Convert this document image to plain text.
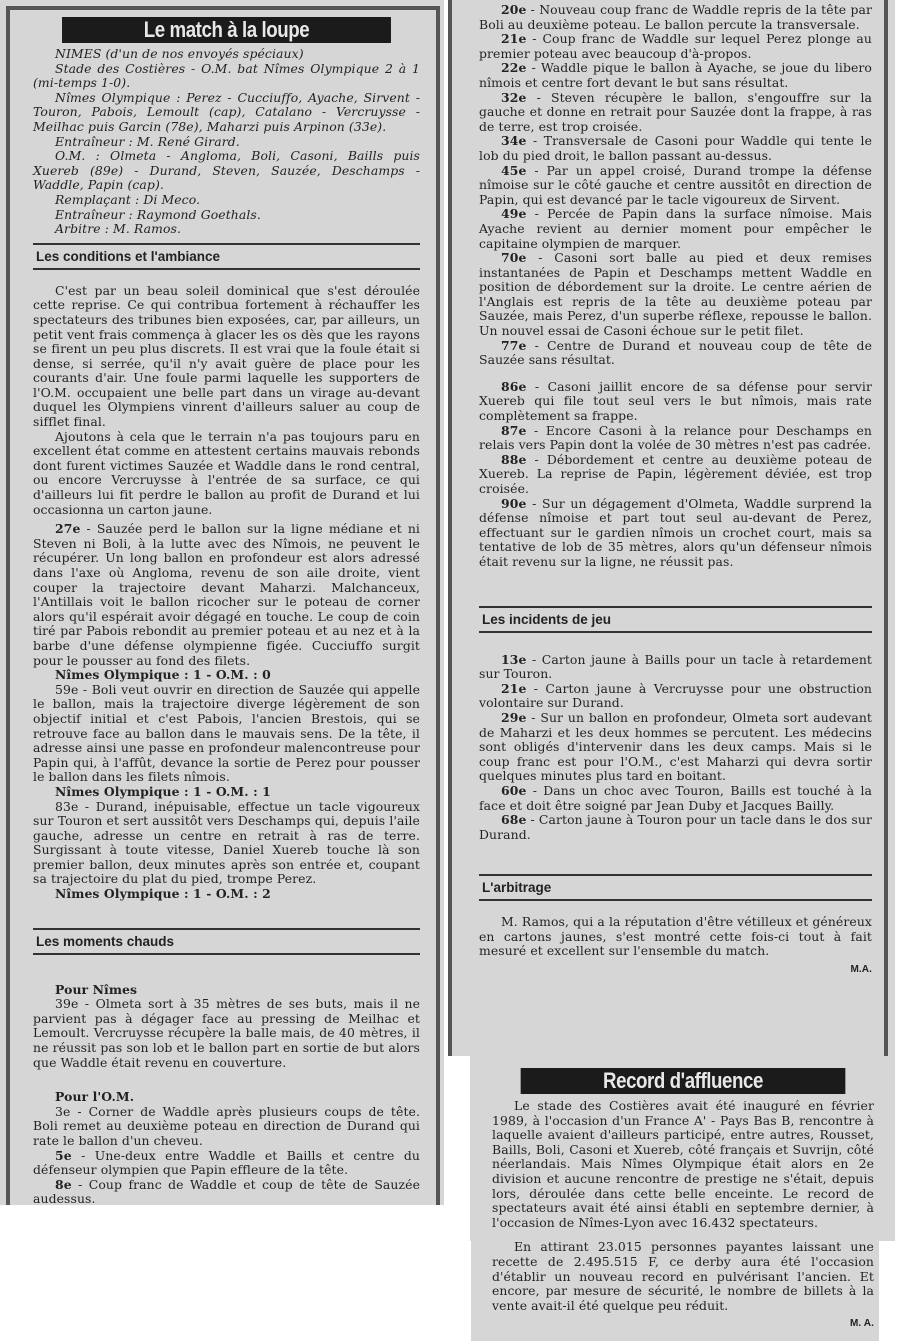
Le match à la loupe

NIMES (d'un de nos envoyés spéciaux)

Stade des Costières - O.M. bat Nîmes Olympique 2 à 1 (mi-temps 1-0).

Nîmes Olympique : Perez - Cucciuffo, Ayache, Sirvent - Touron, Pabois, Lemoult (cap), Catalano - Vercruysse - Meilhac puis Garcin (78e), Maharzi puis Arpinon (33e).

Entraîneur : M. René Girard.

O.M. : Olmeta - Angloma, Boli, Casoni, Baills puis Xuereb (89e) - Durand, Steven, Sauzée, Deschamps - Waddle, Papin (cap).

Remplaçant : Di Meco.

Entraîneur : Raymond Goethals.

Arbitre : M. Ramos.

Les conditions et l'ambiance

C'est par un beau soleil dominical que s'est déroulée cette reprise. Ce qui contribua fortement à réchauffer les spectateurs des tribunes bien exposées, car, par ailleurs, un petit vent frais commença à glacer les os dès que les rayons se firent un peu plus discrets. Il est vrai que la foule était si dense, si serrée, qu'il n'y avait guère de place pour les courants d'air. Une foule parmi laquelle les supporters de l'O.M. occupaient une belle part dans un virage au-devant duquel les Olympiens vinrent d'ailleurs saluer au coup de sifflet final.

Ajoutons à cela que le terrain n'a pas toujours paru en excellent état comme en attestent certains mauvais rebonds dont furent victimes Sauzée et Waddle dans le rond central, ou encore Vercruysse à l'entrée de sa surface, ce qui d'ailleurs lui fit perdre le ballon au profit de Durand et lui occasionna un carton jaune.

27e - Sauzée perd le ballon sur la ligne médiane et ni Steven ni Boli, à la lutte avec des Nîmois, ne peuvent le récupérer. Un long ballon en profondeur est alors adressé dans l'axe où Angloma, revenu de son aile droite, vient couper la trajectoire devant Maharzi. Malchanceux, l'Antillais voit le ballon ricocher sur le poteau de corner alors qu'il espérait avoir dégagé en touche. Le coup de coin tiré par Pabois rebondit au premier poteau et au nez et à la barbe d'une défense olympienne figée. Cucciuffo surgit pour le pousser au fond des filets.

Nîmes Olympique : 1 - O.M. : 0

59e - Boli veut ouvrir en direction de Sauzée qui appelle le ballon, mais la trajectoire diverge légèrement de son objectif initial et c'est Pabois, l'ancien Brestois, qui se retrouve face au ballon dans le mauvais sens. De la tête, il adresse ainsi une passe en profondeur malencontreuse pour Papin qui, à l'affût, devance la sortie de Perez pour pousser le ballon dans les filets nîmois.

Nîmes Olympique : 1 - O.M. : 1

83e - Durand, inépuisable, effectue un tacle vigoureux sur Touron et sert aussitôt vers Deschamps qui, depuis l'aile gauche, adresse un centre en retrait à ras de terre. Surgissant à toute vitesse, Daniel Xuereb touche là son premier ballon, deux minutes après son entrée et, coupant sa trajectoire du plat du pied, trompe Perez.

Nîmes Olympique : 1 - O.M. : 2

Les moments chauds

Pour Nîmes

39e - Olmeta sort à 35 mètres de ses buts, mais il ne parvient pas à dégager face au pressing de Meilhac et Lemoult. Vercruysse récupère la balle mais, de 40 mètres, il ne réussit pas son lob et le ballon part en sortie de but alors que Waddle était revenu en couverture.

Pour l'O.M.

3e - Corner de Waddle après plusieurs coups de tête. Boli remet au deuxième poteau en direction de Durand qui rate le ballon d'un cheveu.

5e - Une-deux entre Waddle et Baills et centre du défenseur olympien que Papin effleure de la tête.

8e - Coup franc de Waddle et coup de tête de Sauzée audessus.

20e - Nouveau coup franc de Waddle repris de la tête par Boli au deuxième poteau. Le ballon percute la transversale.

21e - Coup franc de Waddle sur lequel Perez plonge au premier poteau avec beaucoup d'à-propos.

22e - Waddle pique le ballon à Ayache, se joue du libero nîmois et centre fort devant le but sans résultat.

32e - Steven récupère le ballon, s'engouffre sur la gauche et donne en retrait pour Sauzée dont la frappe, à ras de terre, est trop croisée.

34e - Transversale de Casoni pour Waddle qui tente le lob du pied droit, le ballon passant au-dessus.

45e - Par un appel croisé, Durand trompe la défense nîmoise sur le côté gauche et centre aussitôt en direction de Papin, qui est devancé par le tacle vigoureux de Sirvent.

49e - Percée de Papin dans la surface nîmoise. Mais Ayache revient au dernier moment pour empêcher le capitaine olympien de marquer.

70e - Casoni sort balle au pied et deux remises instantanées de Papin et Deschamps mettent Waddle en position de débordement sur la droite. Le centre aérien de l'Anglais est repris de la tête au deuxième poteau par Sauzée, mais Perez, d'un superbe réflexe, repousse le ballon. Un nouvel essai de Casoni échoue sur le petit filet.

77e - Centre de Durand et nouveau coup de tête de Sauzée sans résultat.

86e - Casoni jaillit encore de sa défense pour servir Xuereb qui file tout seul vers le but nîmois, mais rate complètement sa frappe.

87e - Encore Casoni à la relance pour Deschamps en relais vers Papin dont la volée de 30 mètres n'est pas cadrée.

88e - Débordement et centre au deuxième poteau de Xuereb. La reprise de Papin, légèrement déviée, est trop croisée.

90e - Sur un dégagement d'Olmeta, Waddle surprend la défense nîmoise et part tout seul au-devant de Perez, effectuant sur le gardien nîmois un crochet court, mais sa tentative de lob de 35 mètres, alors qu'un défenseur nîmois était revenu sur la ligne, ne réussit pas.

Les incidents de jeu

13e - Carton jaune à Baills pour un tacle à retardement sur Touron.

21e - Carton jaune à Vercruysse pour une obstruction volontaire sur Durand.

29e - Sur un ballon en profondeur, Olmeta sort audevant de Maharzi et les deux hommes se percutent. Les médecins sont obligés d'intervenir dans les deux camps. Mais si le coup franc est pour l'O.M., c'est Maharzi qui devra sortir quelques minutes plus tard en boitant.

60e - Dans un choc avec Touron, Baills est touché à la face et doit être soigné par Jean Duby et Jacques Bailly.

68e - Carton jaune à Touron pour un tacle dans le dos sur Durand.

L'arbitrage

M. Ramos, qui a la réputation d'être vétilleux et généreux en cartons jaunes, s'est montré cette fois-ci tout à fait mesuré et excellent sur l'ensemble du match.

M.A.

Record d'affluence

Le stade des Costières avait été inauguré en février 1989, à l'occasion d'un France A' - Pays Bas B, rencontre à laquelle avaient d'ailleurs participé, entre autres, Rousset, Baills, Boli, Casoni et Xuereb, côté français et Suvrijn, côté néerlandais. Mais Nîmes Olympique était alors en 2e division et aucune rencontre de prestige ne s'était, depuis lors, déroulée dans cette belle enceinte. Le record de spectateurs avait été ainsi établi en septembre dernier, à l'occasion de Nîmes-Lyon avec 16.432 spectateurs.

En attirant 23.015 personnes payantes laissant une recette de 2.495.515 F, ce derby aura été l'occasion d'établir un nouveau record en pulvérisant l'ancien. Et encore, par mesure de sécurité, le nombre de billets à la vente avait-il été quelque peu réduit.

M. A.
